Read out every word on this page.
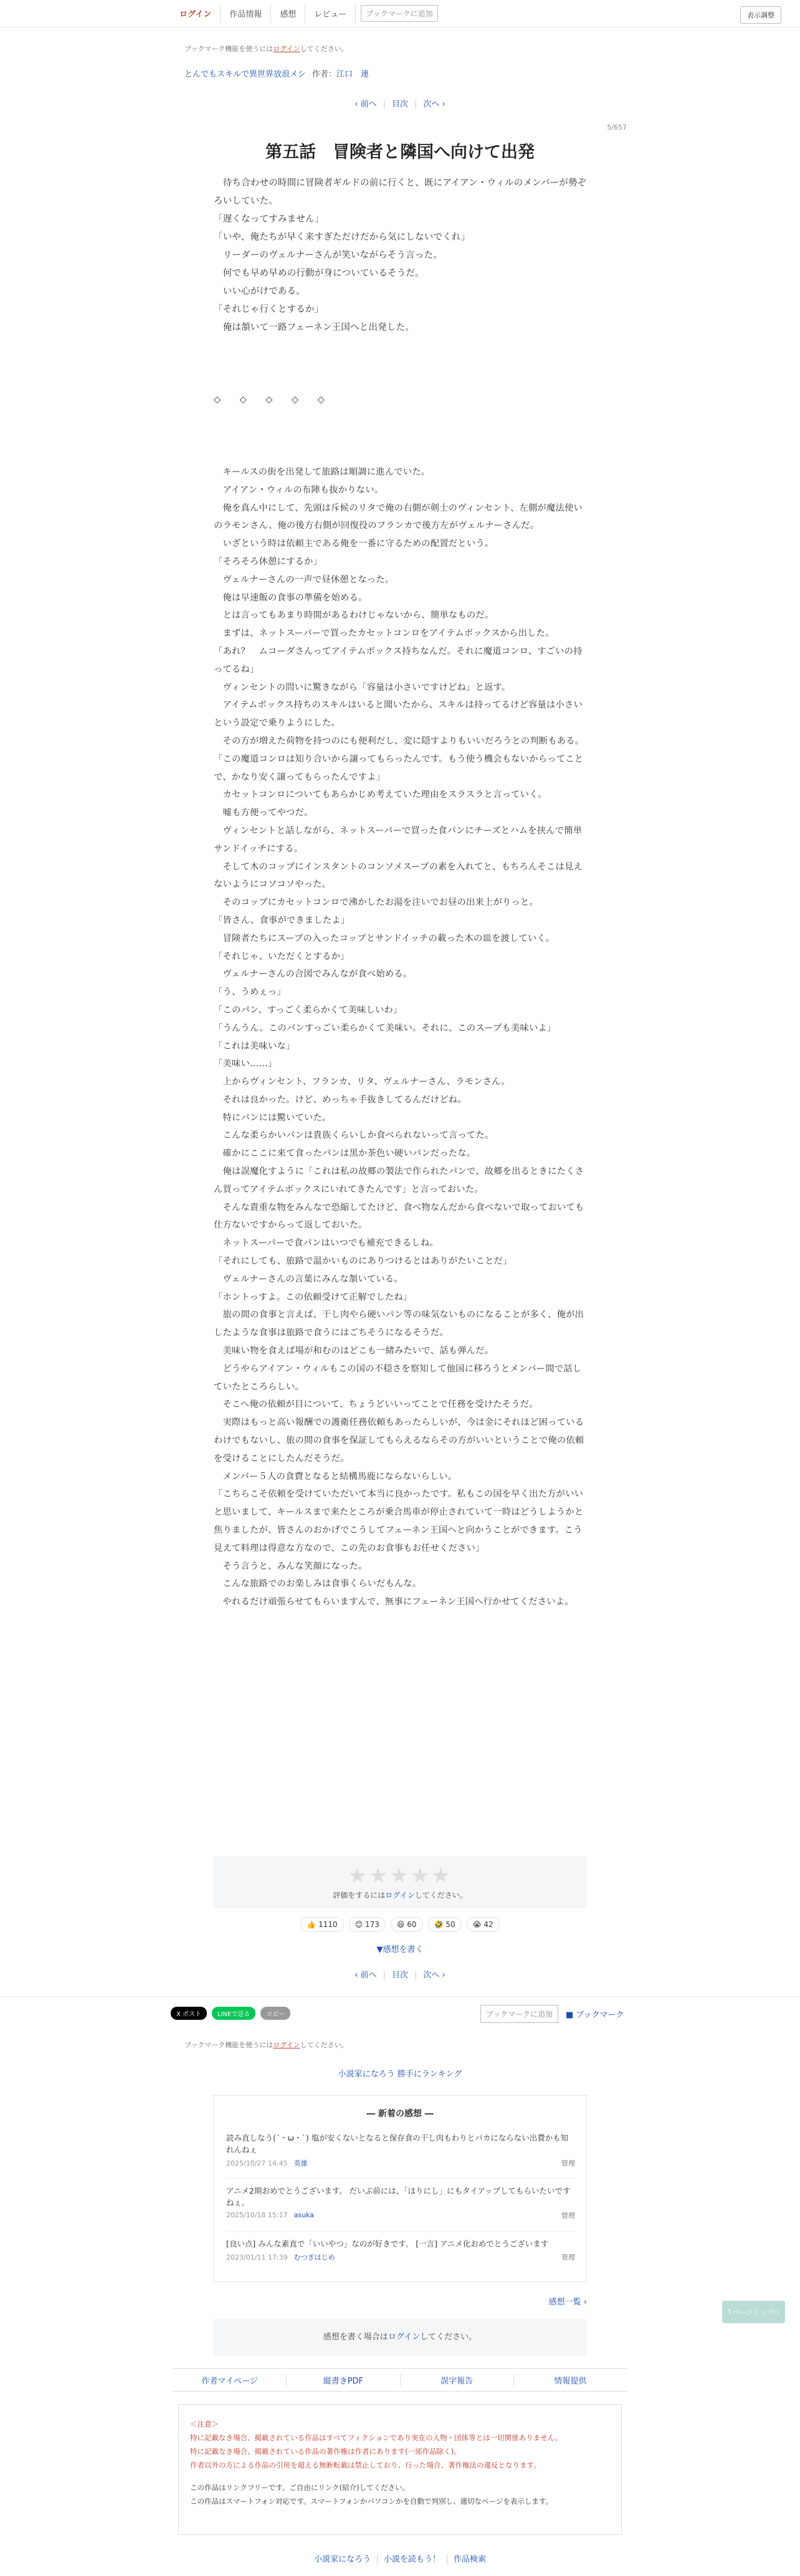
ログイン	作品情報	感想	レビュー	ブックマークに追加	表示調整
ブックマーク機能を使うにはログインしてください。
とんでもスキルで異世界放浪メシ 作者：江口　連
‹ 前へ | 目次 | 次へ ›
5/657
第五話　冒険者と隣国へ向けて出発
　待ち合わせの時間に冒険者ギルドの前に行くと、既にアイアン・ウィルのメンバーが勢ぞろいしていた。
「遅くなってすみません」
「いや、俺たちが早く来すぎただけだから気にしないでくれ」
　リーダーのヴェルナーさんが笑いながらそう言った。
　何でも早め早めの行動が身についているそうだ。
　いい心がけである。
「それじゃ行くとするか」
　俺は頷いて一路フェーネン王国へと出発した。
◇　◇　◇　◇　◇
　キールスの街を出発して旅路は順調に進んでいた。
　アイアン・ウィルの布陣も抜かりない。
　俺を真ん中にして、先頭は斥候のリタで俺の右側が剣士のヴィンセント、左側が魔法使いのラモンさん、俺の後方右側が回復役のフランカで後方左がヴェルナーさんだ。
　いざという時は依頼主である俺を一番に守るための配置だという。
「そろそろ休憩にするか」
　ヴェルナーさんの一声で昼休憩となった。
　俺は早速飯の食事の準備を始める。
　とは言ってもあまり時間があるわけじゃないから、簡単なものだ。
　まずは、ネットスーパーで買ったカセットコンロをアイテムボックスから出した。
「あれ？　ムコーダさんってアイテムボックス持ちなんだ。それに魔道コンロ、すごいの持ってるね」
　ヴィンセントの問いに驚きながら「容量は小さいですけどね」と返す。
　アイテムボックス持ちのスキルはいると聞いたから、スキルは持ってるけど容量は小さいという設定で乗りようにした。
　その方が増えた荷物を持つのにも便利だし、変に隠すよりもいいだろうとの判断もある。
「この魔道コンロは知り合いから譲ってもらったんです。もう使う機会もないからってことで、かなり安く譲ってもらったんですよ」
　カセットコンロについてもあらかじめ考えていた理由をスラスラと言っていく。
　嘘も方便ってやつだ。
　ヴィンセントと話しながら、ネットスーパーで買った食パンにチーズとハムを挟んで簡単サンドイッチにする。
　そして木のコップにインスタントのコンソメスープの素を入れてと、もちろんそこは見えないようにコソコソやった。
　そのコップにカセットコンロで沸かしたお湯を注いでお昼の出来上がりっと。
「皆さん、食事ができましたよ」
　冒険者たちにスープの入ったコップとサンドイッチの載った木の皿を渡していく。
「それじゃ、いただくとするか」
　ヴェルナーさんの合図でみんなが食べ始める。
「う、うめぇっ」
「このパン、すっごく柔らかくて美味しいわ」
「うんうん。このパンすっごい柔らかくて美味い。それに、このスープも美味いよ」
「これは美味いな」
「美味い……」
　上からヴィンセント、フランカ、リタ、ヴェルナーさん、ラモンさん。
　それは良かった。けど、めっちゃ手抜きしてるんだけどね。
　特にパンには驚いていた。
　こんな柔らかいパンは貴族くらいしか食べられないって言ってた。
　確かにここに来て食ったパンは黒か茶色い硬いパンだったな。
　俺は誤魔化すように「これは私の故郷の製法で作られたパンで、故郷を出るときにたくさん買ってアイテムボックスにいれてきたんです」と言っておいた。
　そんな貴重な物をみんなで恐縮してたけど、食べ物なんだから食べないで取っておいても仕方ないですからって返しておいた。
　ネットスーパーで食パンはいつでも補充できるしね。
「それにしても、旅路で温かいものにありつけるとはありがたいことだ」
　ヴェルナーさんの言葉にみんな頷いている。
「ホントっすよ。この依頼受けて正解でしたね」
　旅の間の食事と言えば、干し肉やら硬いパン等の味気ないものになることが多く、俺が出したような食事は旅路で食うにはごちそうになるそうだ。
　美味い物を食えば場が和むのはどこも一緒みたいで、話も弾んだ。
　どうやらアイアン・ウィルもこの国の不穏さを察知して他国に移ろうとメンバー間で話していたところらしい。
　そこへ俺の依頼が目について、ちょうどいいってことで任務を受けたそうだ。
　実際はもっと高い報酬での護衛任務依頼もあったらしいが、今は金にそれほど困っているわけでもないし、旅の間の食事を保証してもらえるならその方がいいということで俺の依頼を受けることにしたんだそうだ。
　メンバー５人の食費となると結構馬鹿にならないらしい。
「こちらこそ依頼を受けていただいて本当に良かったです。私もこの国を早く出た方がいいと思いまして、キールスまで来たところが乗合馬車が停止されていて一時はどうしようかと焦りましたが、皆さんのおかげでこうしてフェーネン王国へと向かうことができます。こう見えて料理は得意な方なので、この先のお食事もお任せください」
　そう言うと、みんな笑顔になった。
　こんな旅路でのお楽しみは食事くらいだもんな。
　やれるだけ頑張らせてもらいますんで、無事にフェーネン王国へ行かせてくださいよ。
★★★★★
評価をするにはログインしてください。
👍 1110	😊 173	😆 60	🤣 50	😭 42
▼感想を書く
‹ 前へ | 目次 | 次へ ›
X ポスト	LINEで送る	コピー	ブックマークに追加	■ ブックマーク
ブックマーク機能を使うにはログインしてください。
小説家になろう 勝手にランキング
― 新着の感想 ―
読み直しなう(´・ω・`) 塩が安くないとなると保存食の干し肉もわりとバカにならない出費かも知れんねぇ
2025/10/27 14:45 英雄	管理
アニメ2期おめでとうございます。 だいぶ前には、「ほりにし」にもタイアップしてもらいたいですねぇ。
2025/10/18 15:17 asuka	管理
[良い点] みんな素直で「いいやつ」なのが好きです。 [一言] アニメ化おめでとうございます
2023/01/11 17:39 むつぎはじめ	管理
感想一覧 ›
感想を書く場合はログインしてください。
↑ページトップへ
作者マイページ	縦書きPDF	誤字報告	情報提供
＜注意＞
特に記載なき場合、掲載されている作品はすべてフィクションであり実在の人物・団体等とは一切関係ありません。
特に記載なき場合、掲載されている作品の著作権は作者にあります(一部作品除く)。
作者以外の方による作品の引用を超える無断転載は禁止しており、行った場合、著作権法の違反となります。
この作品はリンクフリーです。ご自由にリンク(紹介)してください。
この作品はスマートフォン対応です。スマートフォンかパソコンかを自動で判別し、適切なページを表示します。
小説家になろう 小説を読もう！ 作品検索
